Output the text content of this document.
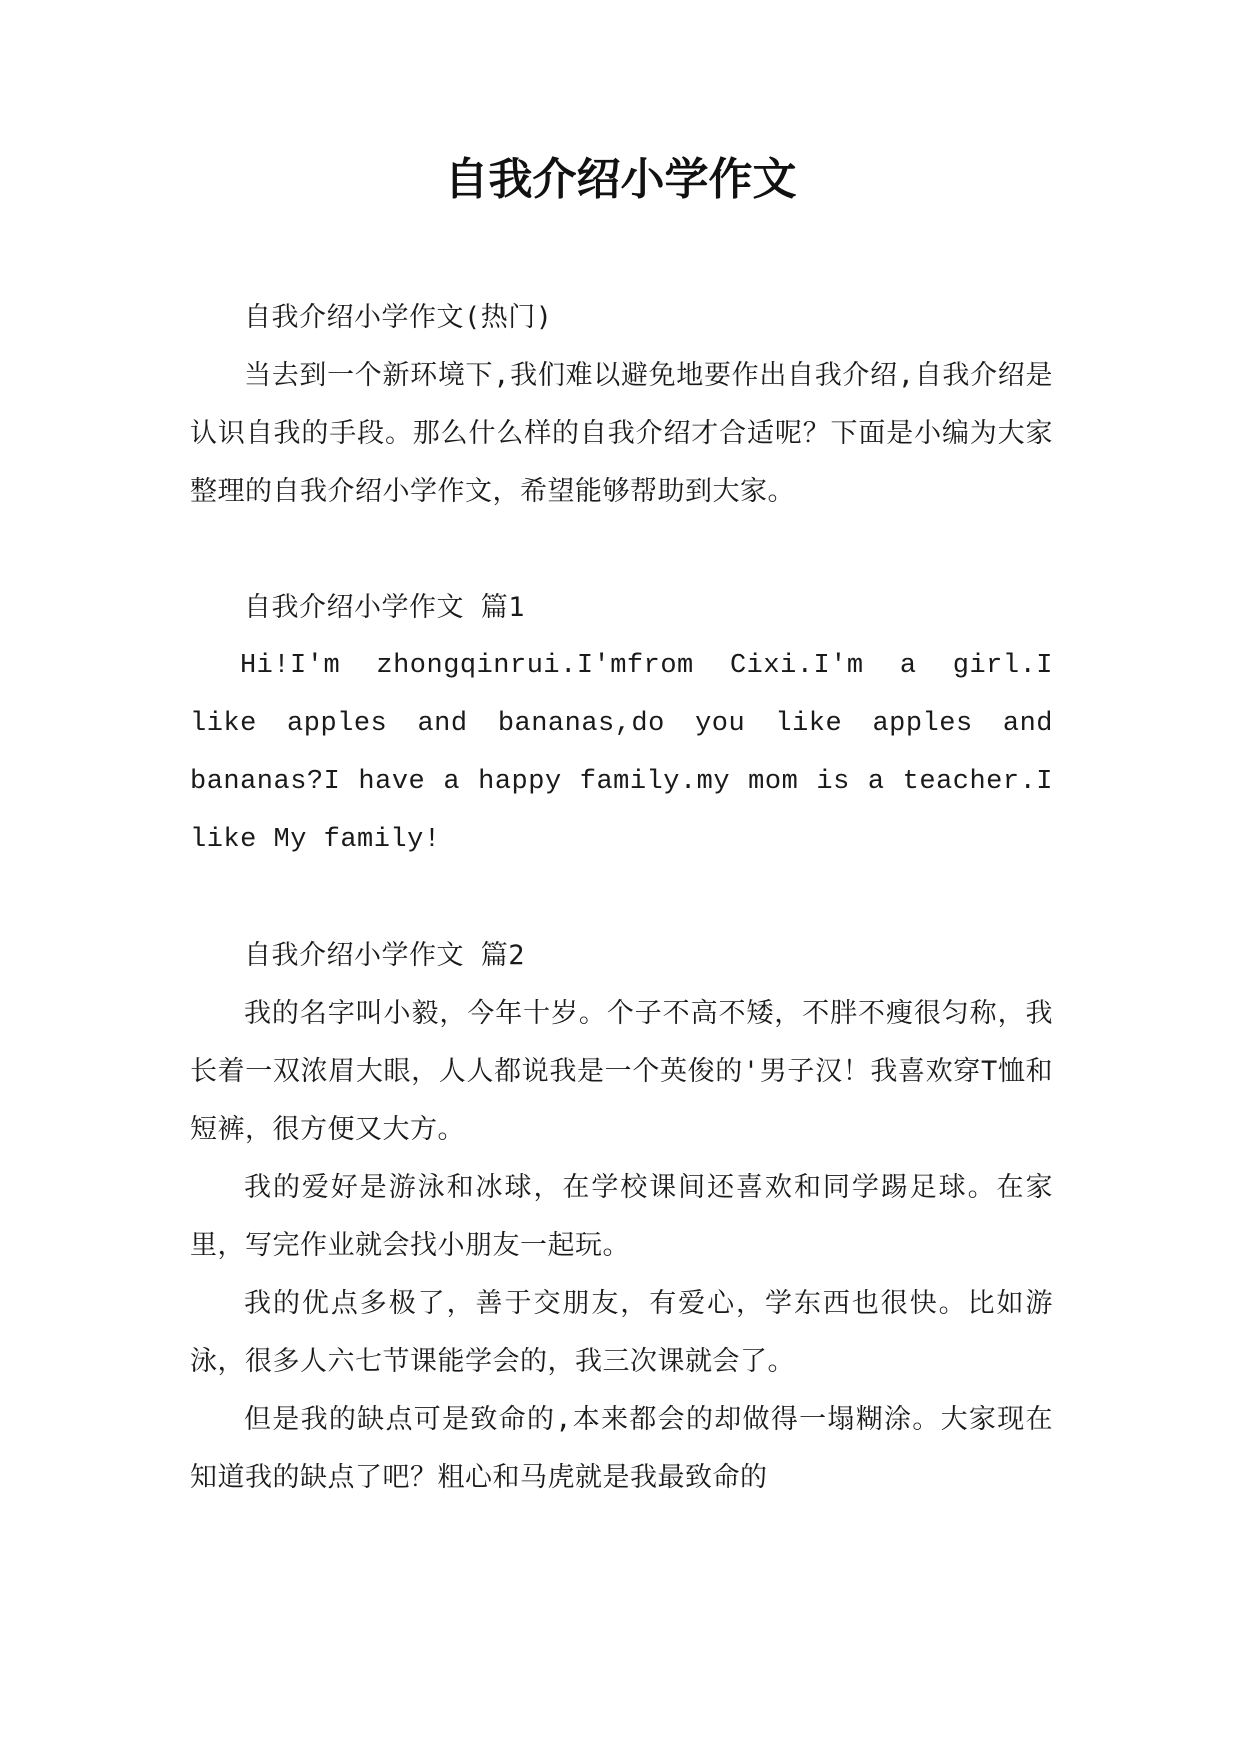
自我介绍小学作文

自我介绍小学作文(热门)

当去到一个新环境下,我们难以避免地要作出自我介绍,自我介绍是认识自我的手段。那么什么样的自我介绍才合适呢？下面是小编为大家整理的自我介绍小学作文，希望能够帮助到大家。

自我介绍小学作文 篇1

Hi!I'm zhongqinrui.I'mfrom Cixi.I'm a girl.I like apples and bananas,do you like apples and bananas?I have a happy family.my mom is a teacher.I like My family!

自我介绍小学作文 篇2

我的名字叫小毅，今年十岁。个子不高不矮，不胖不瘦很匀称，我长着一双浓眉大眼，人人都说我是一个英俊的'男子汉！我喜欢穿T恤和短裤，很方便又大方。

我的爱好是游泳和冰球，在学校课间还喜欢和同学踢足球。在家里，写完作业就会找小朋友一起玩。

我的优点多极了，善于交朋友，有爱心，学东西也很快。比如游泳，很多人六七节课能学会的，我三次课就会了。

但是我的缺点可是致命的,本来都会的却做得一塌糊涂。大家现在知道我的缺点了吧？粗心和马虎就是我最致命的
